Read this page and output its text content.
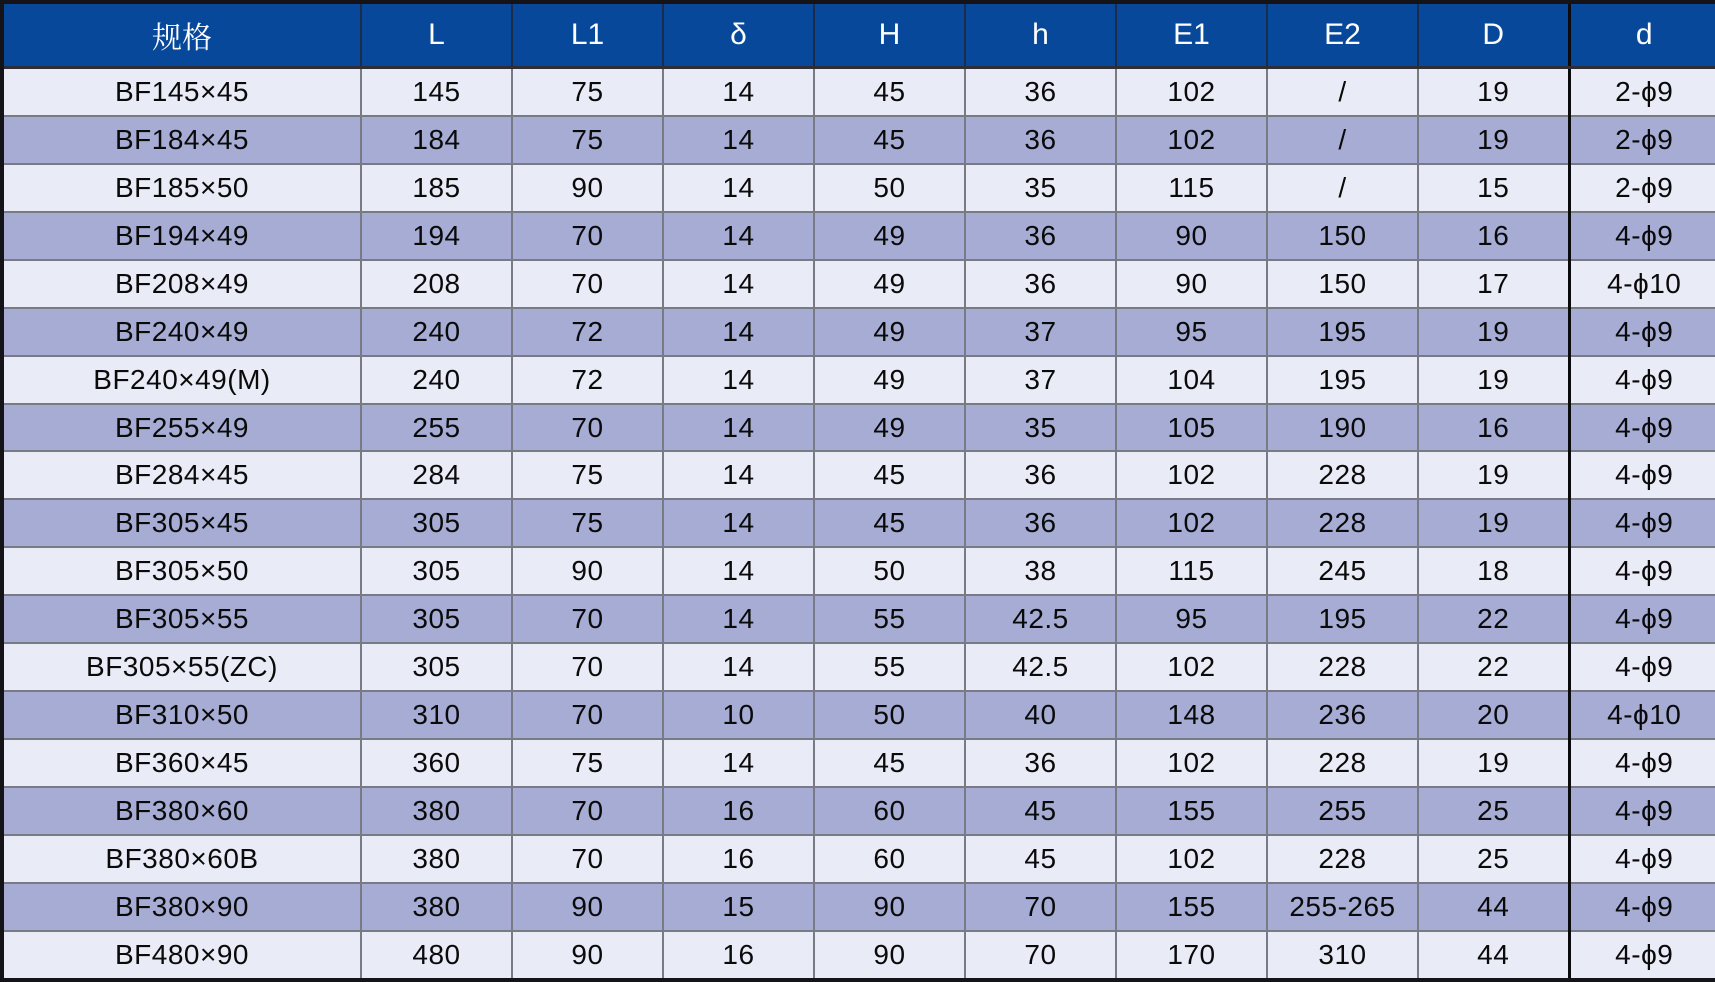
规格	L	L1	δ	H	h	E1	E2	D	d
BF145×45	145	75	14	45	36	102	/	19	2-ϕ9
BF184×45	184	75	14	45	36	102	/	19	2-ϕ9
BF185×50	185	90	14	50	35	115	/	15	2-ϕ9
BF194×49	194	70	14	49	36	90	150	16	4-ϕ9
BF208×49	208	70	14	49	36	90	150	17	4-ϕ10
BF240×49	240	72	14	49	37	95	195	19	4-ϕ9
BF240×49(M)	240	72	14	49	37	104	195	19	4-ϕ9
BF255×49	255	70	14	49	35	105	190	16	4-ϕ9
BF284×45	284	75	14	45	36	102	228	19	4-ϕ9
BF305×45	305	75	14	45	36	102	228	19	4-ϕ9
BF305×50	305	90	14	50	38	115	245	18	4-ϕ9
BF305×55	305	70	14	55	42.5	95	195	22	4-ϕ9
BF305×55(ZC)	305	70	14	55	42.5	102	228	22	4-ϕ9
BF310×50	310	70	10	50	40	148	236	20	4-ϕ10
BF360×45	360	75	14	45	36	102	228	19	4-ϕ9
BF380×60	380	70	16	60	45	155	255	25	4-ϕ9
BF380×60B	380	70	16	60	45	102	228	25	4-ϕ9
BF380×90	380	90	15	90	70	155	255-265	44	4-ϕ9
BF480×90	480	90	16	90	70	170	310	44	4-ϕ9
